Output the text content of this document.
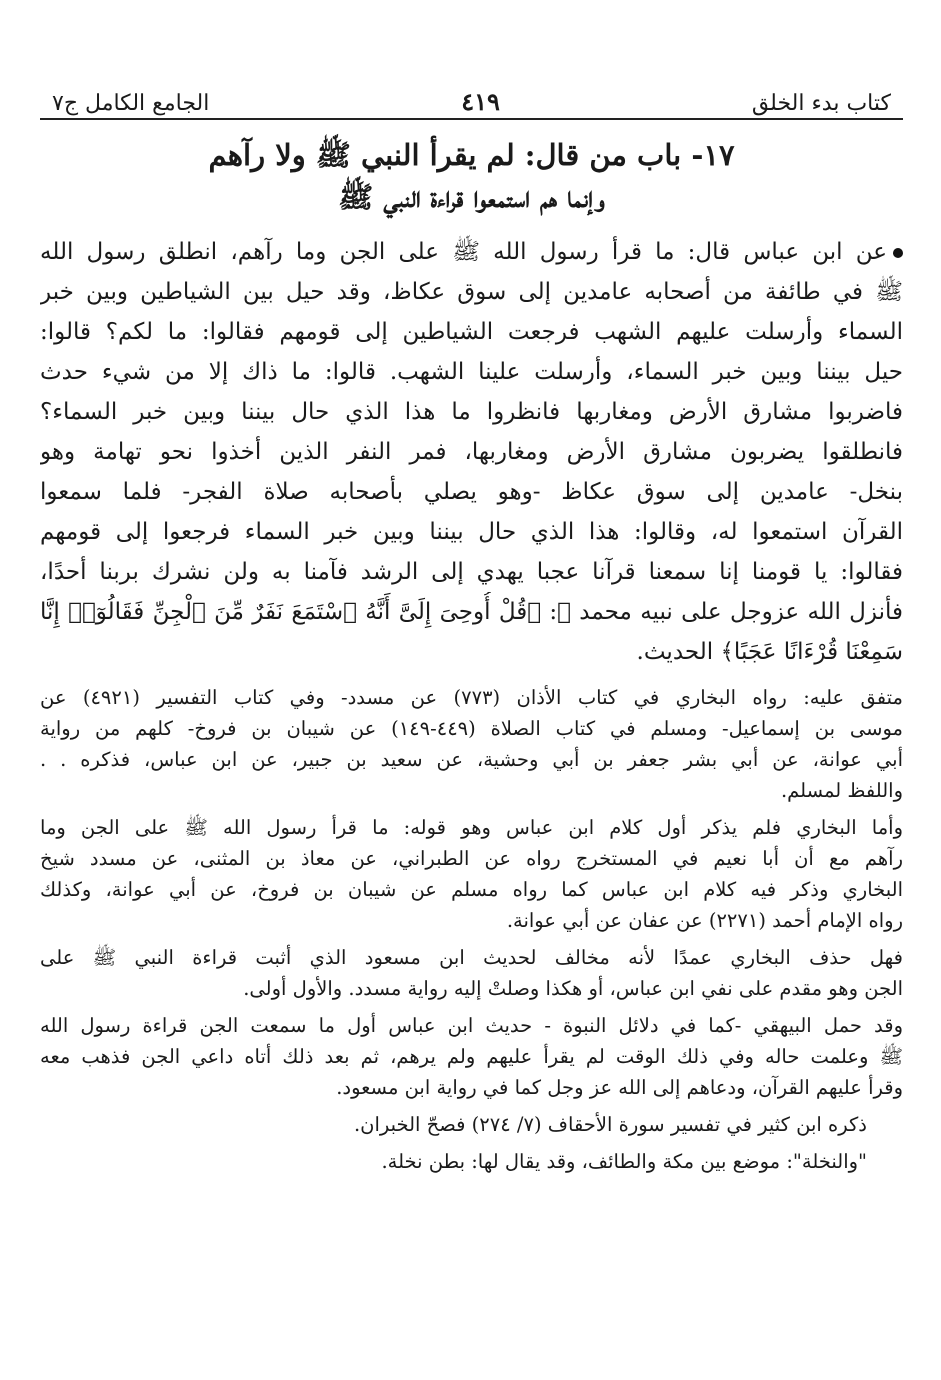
كتاب بدء الخلق
٤١٩
الجامع الكامل ج٧
١٧- باب من قال: لم يقرأ النبي ﷺ ولا رآهم
وإنما هم استمعوا قراءة النبي ﷺ
عن ابن عباس قال: ما قرأ رسول الله ﷺ على الجن وما رآهم، انطلق رسول الله
ﷺ في طائفة من أصحابه عامدين إلى سوق عكاظ، وقد حيل بين الشياطين وبين خبر
السماء وأرسلت عليهم الشهب فرجعت الشياطين إلى قومهم فقالوا: ما لكم؟ قالوا:
حيل بيننا وبين خبر السماء، وأرسلت علينا الشهب. قالوا: ما ذاك إلا من شيء حدث
فاضربوا مشارق الأرض ومغاربها فانظروا ما هذا الذي حال بيننا وبين خبر السماء؟
فانطلقوا يضربون مشارق الأرض ومغاربها، فمر النفر الذين أخذوا نحو تهامة وهو
بنخل- عامدين إلى سوق عكاظ -وهو يصلي بأصحابه صلاة الفجر- فلما سمعوا
القرآن استمعوا له، وقالوا: هذا الذي حال بيننا وبين خبر السماء فرجعوا إلى قومهم
فقالوا: يا قومنا إنا سمعنا قرآنا عجبا يهدي إلى الرشد فآمنا به ولن نشرك بربنا أحدًا،
فأنزل الله عزوجل على نبيه محمد ﷺ: ﴿قُلْ أُوحِىَ إِلَىَّ أَنَّهُ ٱسْتَمَعَ نَفَرٌ مِّنَ ٱلْجِنِّ فَقَالُوٓا۟ إِنَّا
سَمِعْنَا قُرْءَانًا عَجَبًا﴾ الحديث.
متفق عليه: رواه البخاري في كتاب الأذان (٧٧٣) عن مسدد- وفي كتاب التفسير (٤٩٢١) عن
موسى بن إسماعيل- ومسلم في كتاب الصلاة (٤٤٩-١٤٩) عن شيبان بن فروخ- كلهم من رواية
أبي عوانة، عن أبي بشر جعفر بن أبي وحشية، عن سعيد بن جبير، عن ابن عباس، فذكره . .
واللفظ لمسلم.
وأما البخاري فلم يذكر أول كلام ابن عباس وهو قوله: ما قرأ رسول الله ﷺ على الجن وما
رآهم مع أن أبا نعيم في المستخرج رواه عن الطبراني، عن معاذ بن المثنى، عن مسدد شيخ
البخاري وذكر فيه كلام ابن عباس كما رواه مسلم عن شيبان بن فروخ، عن أبي عوانة، وكذلك
رواه الإمام أحمد (٢٢٧١) عن عفان عن أبي عوانة.
فهل حذف البخاري عمدًا لأنه مخالف لحديث ابن مسعود الذي أثبت قراءة النبي ﷺ على
الجن وهو مقدم على نفي ابن عباس، أو هكذا وصلتْ إليه رواية مسدد. والأول أولى.
وقد حمل البيهقي -كما في دلائل النبوة - حديث ابن عباس أول ما سمعت الجن قراءة رسول الله
ﷺ وعلمت حاله وفي ذلك الوقت لم يقرأ عليهم ولم يرهم، ثم بعد ذلك أتاه داعي الجن فذهب معه
وقرأ عليهم القرآن، ودعاهم إلى الله عز وجل كما في رواية ابن مسعود.
ذكره ابن كثير في تفسير سورة الأحقاف (٧/ ٢٧٤) فصحّ الخبران.
"والنخلة": موضع بين مكة والطائف، وقد يقال لها: بطن نخلة.
